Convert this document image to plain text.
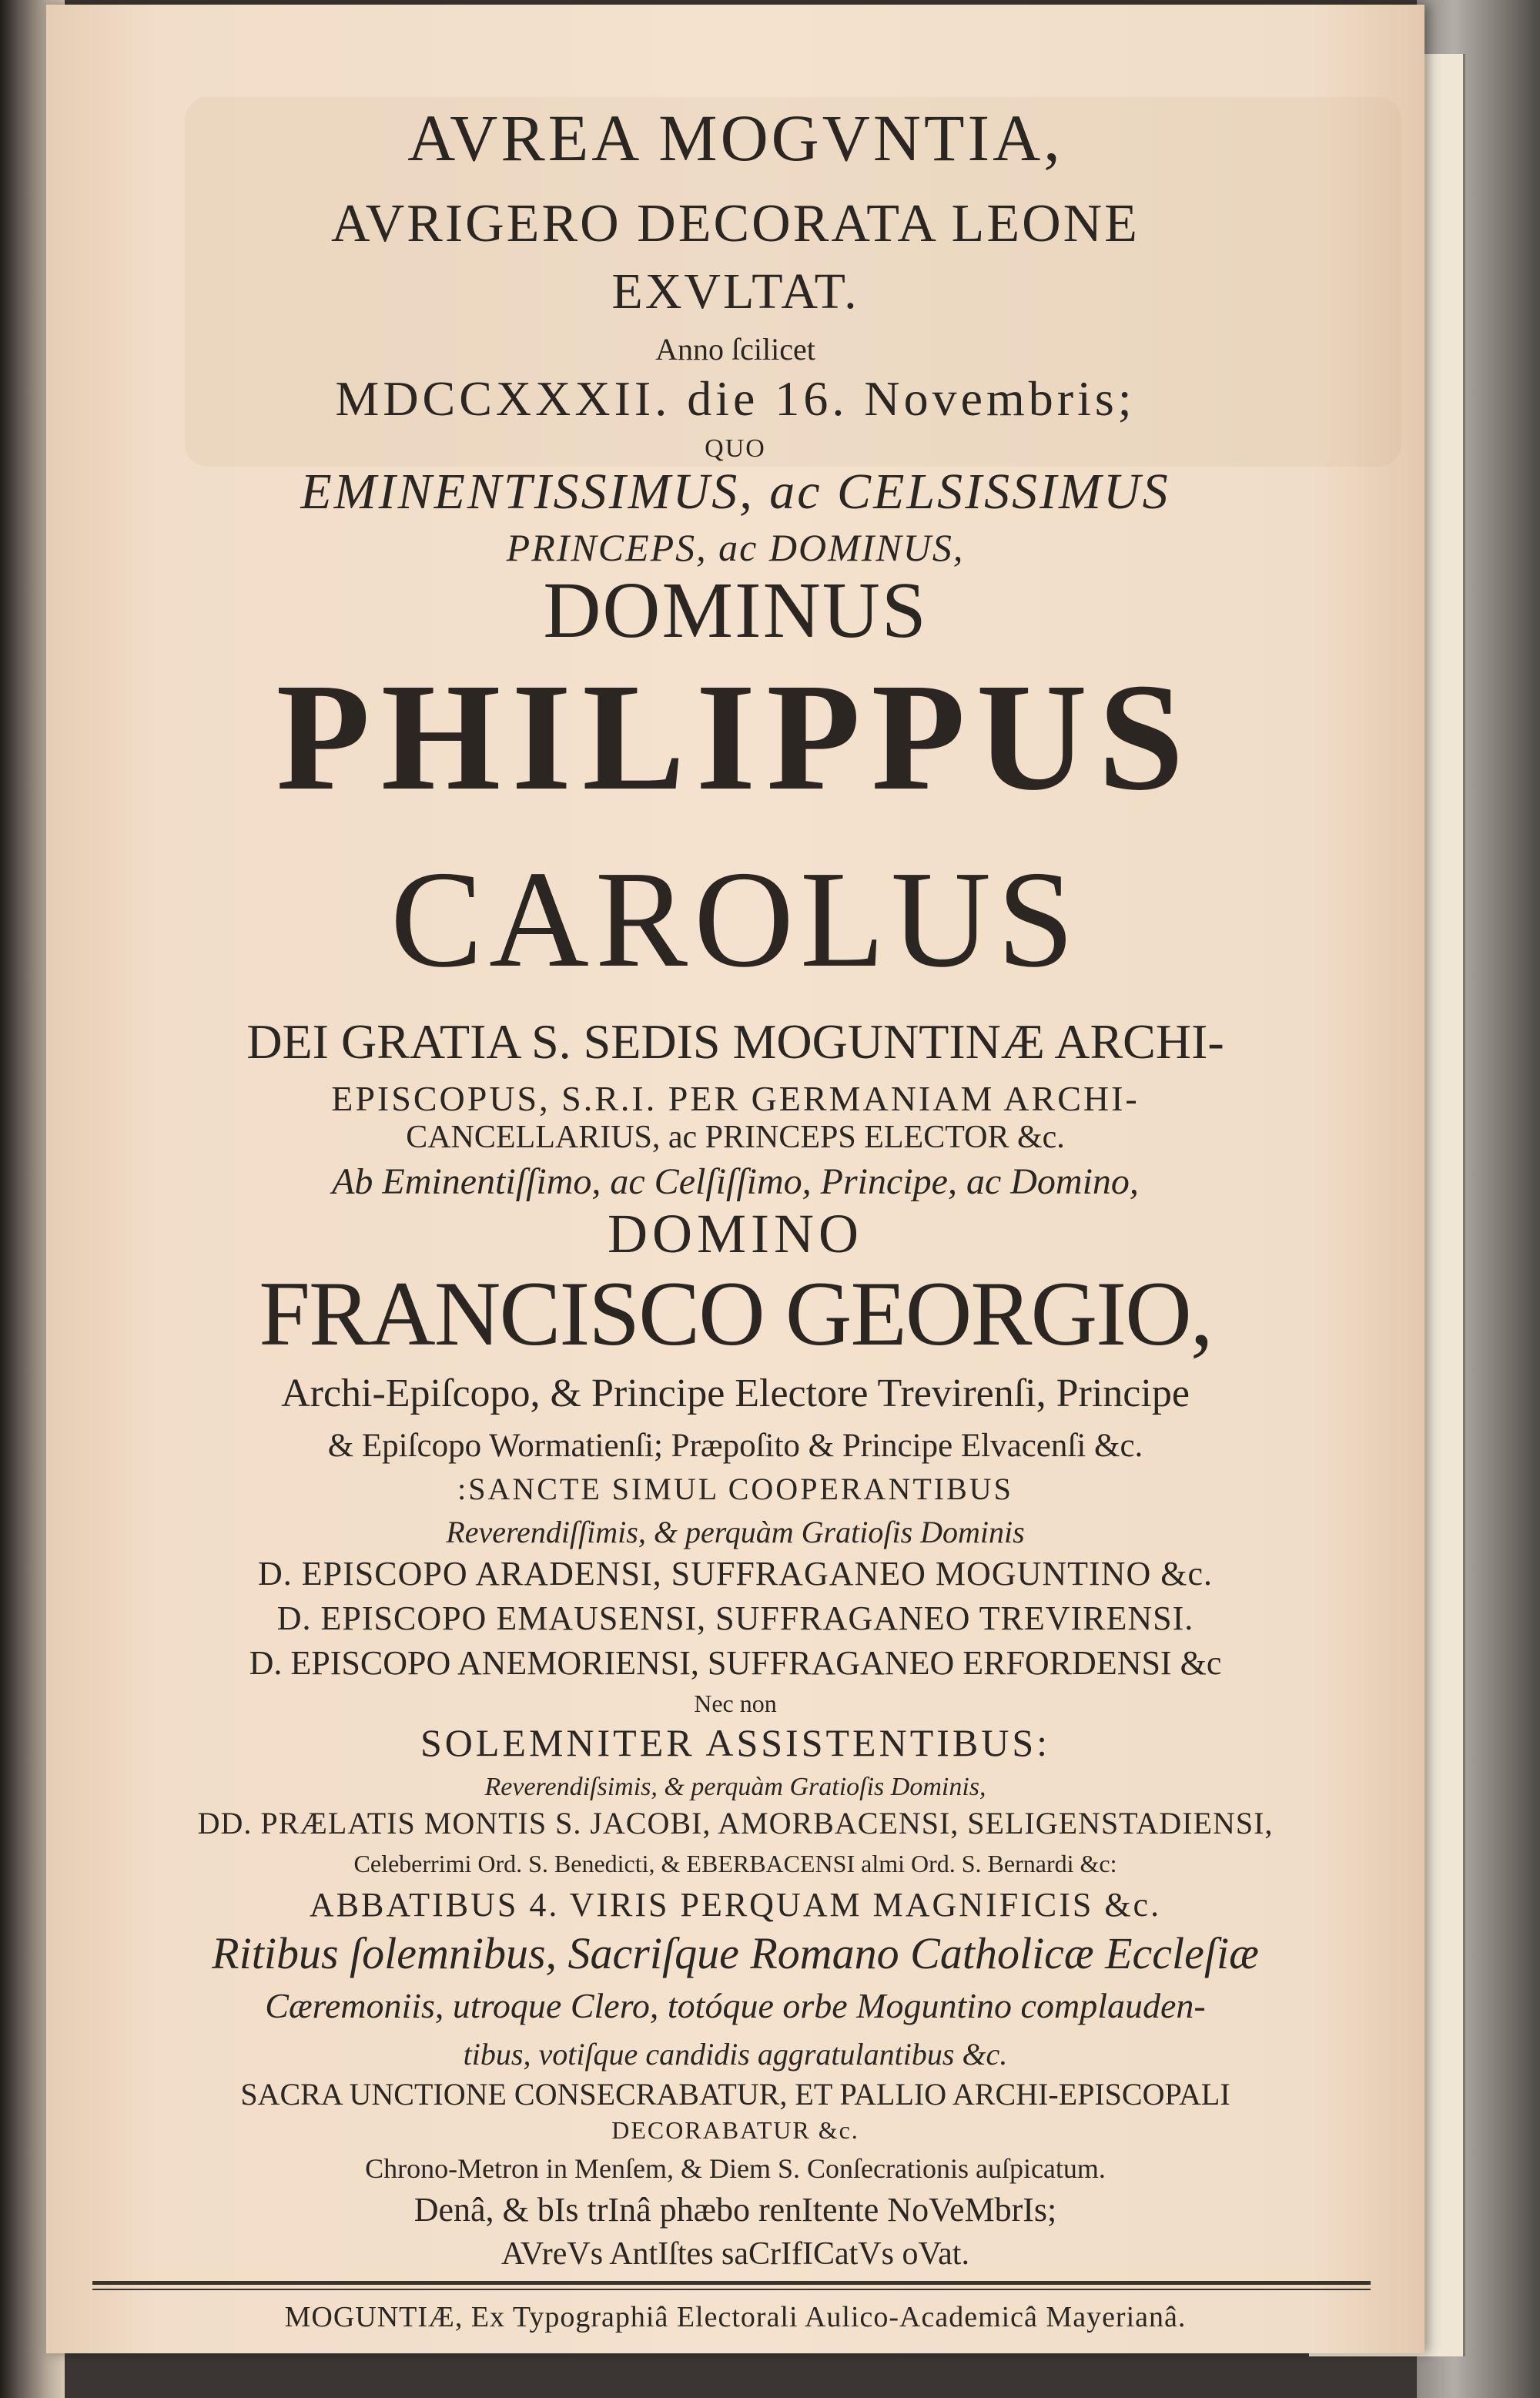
AVREA MOGVNTIA,
AVRIGERO DECORATA LEONE
EXVLTAT.
Anno ſcilicet
MDCCXXXII. die 16. Novembris;
QUO
EMINENTISSIMUS, ac CELSISSIMUS
PRINCEPS, ac DOMINUS,
DOMINUS
PHILIPPUS
CAROLUS
DEI GRATIA S. SEDIS MOGUNTINÆ ARCHI-
EPISCOPUS, S.R.I. PER GERMANIAM ARCHI-
CANCELLARIUS, ac PRINCEPS ELECTOR &c.
Ab Eminentiſſimo, ac Celſiſſimo, Principe, ac Domino,
DOMINO
FRANCISCO GEORGIO,
Archi-Epiſcopo, & Principe Electore Trevirenſi, Principe
& Epiſcopo Wormatienſi; Præpoſito & Principe Elvacenſi &c.
:SANCTE SIMUL COOPERANTIBUS
Reverendiſſimis, & perquàm Gratioſis Dominis
D. EPISCOPO ARADENSI, SUFFRAGANEO MOGUNTINO &c.
D. EPISCOPO EMAUSENSI, SUFFRAGANEO TREVIRENSI.
D. EPISCOPO ANEMORIENSI, SUFFRAGANEO ERFORDENSI &c
Nec non
SOLEMNITER ASSISTENTIBUS:
Reverendiſsimis, & perquàm Gratioſis Dominis,
DD. PRÆLATIS MONTIS S. JACOBI, AMORBACENSI, SELIGENSTADIENSI,
Celeberrimi Ord. S. Benedicti, & EBERBACENSI almi Ord. S. Bernardi &c:
ABBATIBUS 4. VIRIS PERQUAM MAGNIFICIS &c.
Ritibus ſolemnibus, Sacriſque Romano Catholicæ Eccleſiæ
Cæremoniis, utroque Clero, totóque orbe Moguntino complauden-
tibus, votiſque candidis aggratulantibus &c.
SACRA UNCTIONE CONSECRABATUR, ET PALLIO ARCHI-EPISCOPALI
DECORABATUR &c.
Chrono-Metron in Menſem, & Diem S. Conſecrationis auſpicatum.
Denâ, & bIs trInâ phæbo renItente NoVeMbrIs;
AVreVs AntIſtes saCrIfICatVs oVat.
MOGUNTIÆ, Ex Typographiâ Electorali Aulico-Academicâ Mayerianâ.
